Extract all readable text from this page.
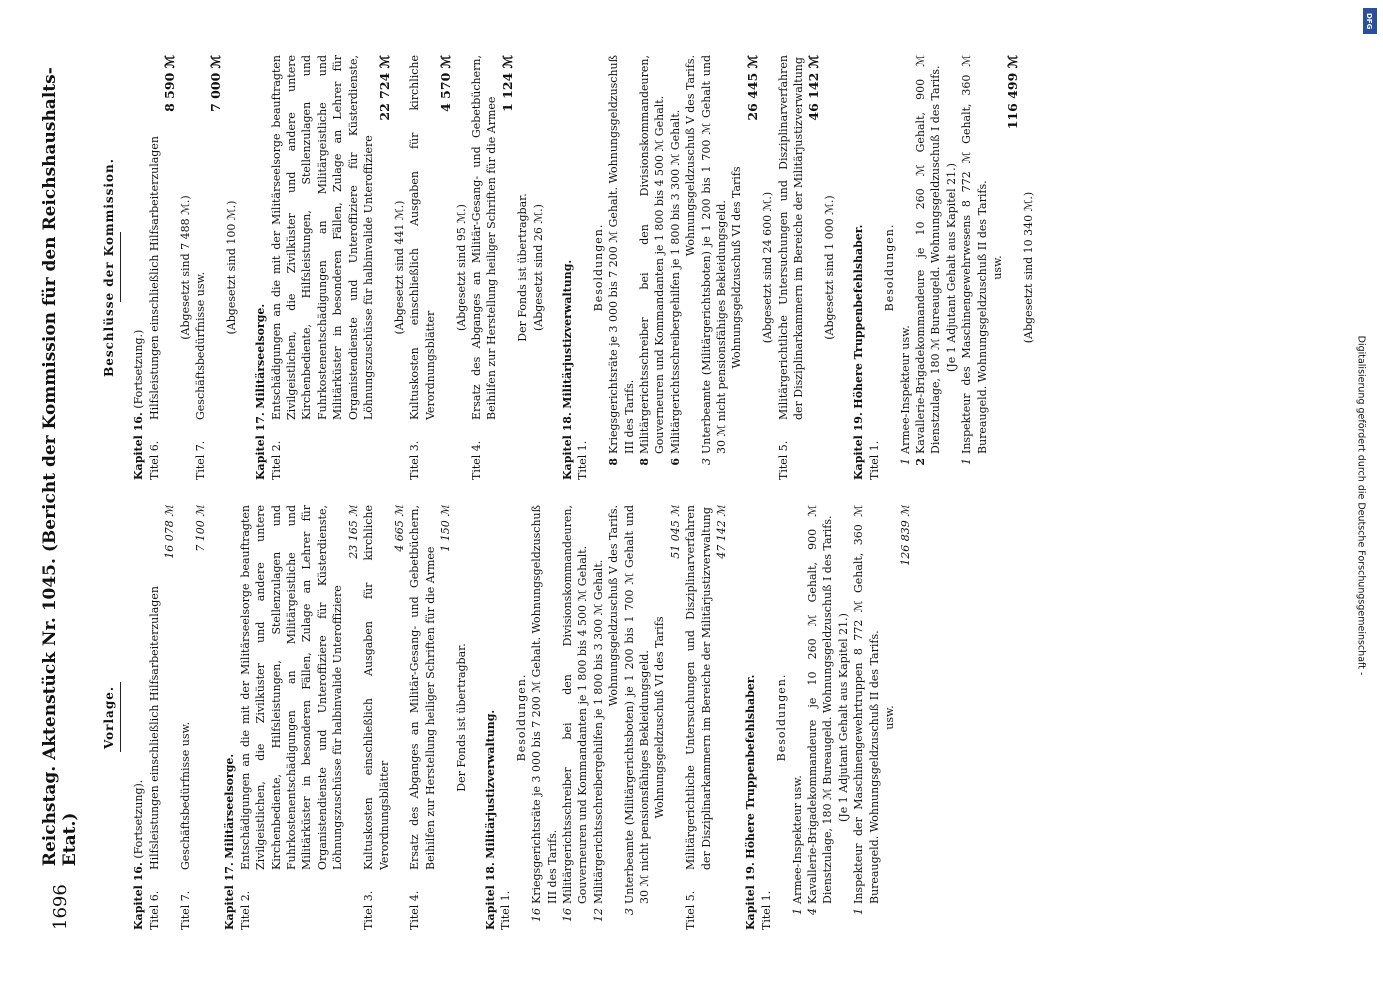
1696
Reichstag. Aktenstück Nr. 1045. (Bericht der Kommission für den Reichshaushalts-Etat.)
Vorlage.
Kapitel 16. (Fortsetzung).
Titel 6.
Hilfsleistungen einschließlich Hilfsarbeiterzulagen
16 078 ℳ
Titel 7.
Geschäftsbedürfnisse usw.
7 100 ℳ
Kapitel 17. Militärseelsorge.
Titel 2.
Entschädigungen an die mit der Militärseelsorge beauftragten Zivilgeistlichen, die Zivilküster und andere untere Kirchenbediente, Hilfsleistungen, Stellenzulagen und Fuhrkostenentschädigungen an Militärgeistliche und Militärküster in besonderen Fällen, Zulage an Lehrer für Organistendienste und Unteroffiziere für Küsterdienste, Löhnungszuschüsse für halbinvalide Unteroffiziere
23 165 ℳ
Titel 3.
Kultuskosten einschließlich Ausgaben für kirchliche Verordnungsblätter
4 665 ℳ
Titel 4.
Ersatz des Abganges an Militär-Gesang- und Gebetbüchern, Beihilfen zur Herstellung heiliger Schriften für die Armee
1 150 ℳ
Der Fonds ist übertragbar.
Kapitel 18. Militärjustizverwaltung.
Titel 1.
Besoldungen.
16
Kriegsgerichtsräte je 3 000 bis 7 200 ℳ Gehalt. Wohnungsgeldzuschuß III des Tarifs.
16
Militärgerichtsschreiber bei den Divisionskommandeuren, Gouverneuren und Kommandanten je 1 800 bis 4 500 ℳ Gehalt.
12
Militärgerichtsschreibergehilfen je 1 800 bis 3 300 ℳ Gehalt. Wohnungsgeldzuschuß V des Tarifs.
3
Unterbeamte (Militärgerichtsboten) je 1 200 bis 1 700 ℳ Gehalt und 30 ℳ nicht pensionsfähiges Bekleidungsgeld. Wohnungsgeldzuschuß VI des Tarifs
51 045 ℳ
Titel 5.
Militärgerichtliche Untersuchungen und Disziplinarverfahren der Disziplinarkammern im Bereiche der Militärjustizverwaltung 47 142 ℳ
Kapitel 19. Höhere Truppenbefehlshaber.
Titel 1.
Besoldungen.
1
Armee-Inspekteur usw.
4
Kavallerie-Brigadekommandeure je 10 260 ℳ Gehalt, 900 ℳ Dienstzulage, 180 ℳ Bureaugeld. Wohnungsgeldzuschuß I des Tarifs. (Je 1 Adjutant Gehalt aus Kapitel 21.)
1
Inspekteur der Maschinengewehrtruppen 8 772 ℳ Gehalt, 360 ℳ Bureaugeld. Wohnungsgeldzuschuß II des Tarifs. usw.
126 839 ℳ
Beschlüsse der Kommission.
Kapitel 16. (Fortsetzung.)
Titel 6.
Hilfsleistungen einschließlich Hilfsarbeiterzulagen
8 590 ℳ
(Abgesetzt sind 7 488 ℳ.)
Titel 7.
Geschäftsbedürfnisse usw.
7 000 ℳ
(Abgesetzt sind 100 ℳ.)
Kapitel 17. Militärseelsorge.
Titel 2.
Entschädigungen an die mit der Militärseelsorge beauftragten Zivilgeistlichen, die Zivilküster und andere untere Kirchenbediente, Hilfsleistungen, Stellenzulagen und Fuhrkostenentschädigungen an Militärgeistliche und Militärküster in besonderen Fällen, Zulage an Lehrer für Organistendienste und Unteroffiziere für Küsterdienste, Löhnungszuschüsse für halbinvalide Unteroffiziere
22 724 ℳ
(Abgesetzt sind 441 ℳ.)
Titel 3.
Kultuskosten einschließlich Ausgaben für kirchliche Verordnungsblätter
4 570 ℳ
(Abgesetzt sind 95 ℳ.)
Titel 4.
Ersatz des Abganges an Militär-Gesang- und Gebetbüchern, Beihilfen zur Herstellung heiliger Schriften für die Armee
1 124 ℳ
Der Fonds ist übertragbar. (Abgesetzt sind 26 ℳ.)
Kapitel 18. Militärjustizverwaltung.
Titel 1.
Besoldungen.
8
Kriegsgerichtsräte je 3 000 bis 7 200 ℳ Gehalt. Wohnungsgeldzuschuß III des Tarifs.
8
Militärgerichtsschreiber bei den Divisionskommandeuren, Gouverneuren und Kommandanten je 1 800 bis 4 500 ℳ Gehalt.
6
Militärgerichtsschreibergehilfen je 1 800 bis 3 300 ℳ Gehalt. Wohnungsgeldzuschuß V des Tarifs.
3
Unterbeamte (Militärgerichtsboten) je 1 200 bis 1 700 ℳ Gehalt und 30 ℳ nicht pensionsfähiges Bekleidungsgeld. Wohnungsgeldzuschuß VI des Tarifs
26 445 ℳ
(Abgesetzt sind 24 600 ℳ.)
Titel 5.
Militärgerichtliche Untersuchungen und Disziplinarverfahren der Disziplinarkammern im Bereiche der Militärjustizverwaltung 46 142 ℳ
(Abgesetzt sind 1 000 ℳ.)
Kapitel 19. Höhere Truppenbefehlshaber.
Titel 1.
Besoldungen.
1
Armee-Inspekteur usw.
2
Kavallerie-Brigadekommandeure je 10 260 ℳ Gehalt, 900 ℳ Dienstzulage, 180 ℳ Bureaugeld. Wohnungsgeldzuschuß I des Tarifs. (Je 1 Adjutant Gehalt aus Kapitel 21.)
1
Inspekteur des Maschinengewehrwesens 8 772 ℳ Gehalt, 360 ℳ Bureaugeld. Wohnungsgeldzuschuß II des Tarifs. usw.
116 499 ℳ
(Abgesetzt sind 10 340 ℳ.)
Digitalisierung gefördert durch die Deutsche Forschungsgemeinschaft -
DFG
